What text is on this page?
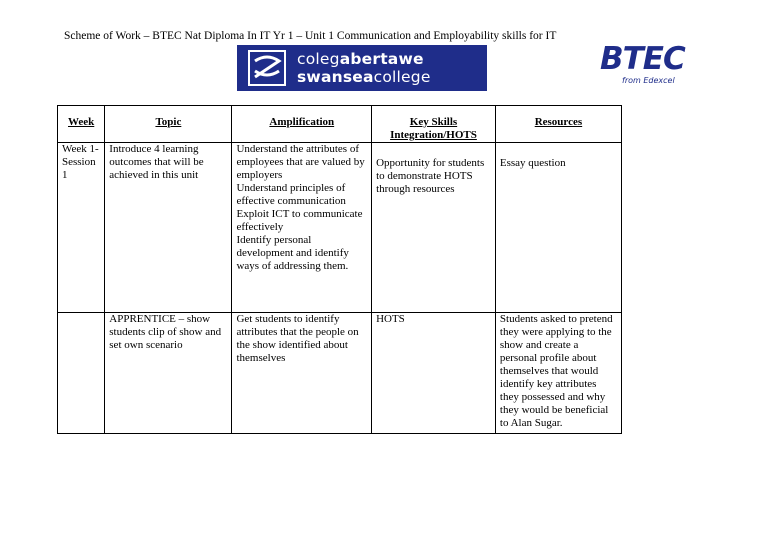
Scheme of Work – BTEC Nat Diploma In IT Yr 1 – Unit 1 Communication and Employability skills for IT
colegabertawe
swanseacollege	BTEC
from Edexcel
Week	Topic	Amplification	Key Skills Integration/HOTS	Resources
Week 1- Session 1	Introduce 4 learning outcomes that will be achieved in this unit	Understand the attributes of employees that are valued by employers
Understand principles of effective communication
Exploit ICT to communicate effectively
Identify personal development and identify ways of addressing them.	Opportunity for students to demonstrate HOTS through resources	Essay question
	APPRENTICE – show students clip of show and set own scenario	Get students to identify attributes that the people on the show identified about themselves	HOTS	Students asked to pretend they were applying to the show and create a personal profile about themselves that would identify key attributes they possessed and why they would be beneficial to Alan Sugar.
